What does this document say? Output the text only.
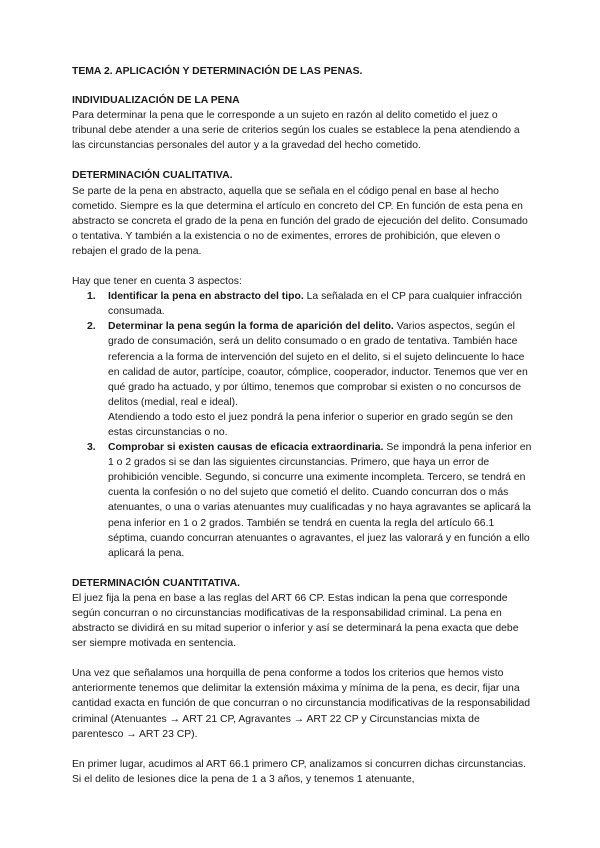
TEMA 2. APLICACIÓN Y DETERMINACIÓN DE LAS PENAS.

INDIVIDUALIZACIÓN DE LA PENA

Para determinar la pena que le corresponde a un sujeto en razón al delito cometido el juez o tribunal debe atender a una serie de criterios según los cuales se establece la pena atendiendo a las circunstancias personales del autor y a la gravedad del hecho cometido.

DETERMINACIÓN CUALITATIVA.

Se parte de la pena en abstracto, aquella que se señala en el código penal en base al hecho cometido. Siempre es la que determina el artículo en concreto del CP. En función de esta pena en abstracto se concreta el grado de la pena en función del grado de ejecución del delito. Consumado o tentativa. Y también a la existencia o no de eximentes, errores de prohibición, que eleven o rebajen el grado de la pena.

Hay que tener en cuenta 3 aspectos:

1. Identificar la pena en abstracto del tipo. La señalada en el CP para cualquier infracción consumada.
2. Determinar la pena según la forma de aparición del delito. Varios aspectos, según el grado de consumación, será un delito consumado o en grado de tentativa. También hace referencia a la forma de intervención del sujeto en el delito, si el sujeto delincuente lo hace en calidad de autor, partícipe, coautor, cómplice, cooperador, inductor. Tenemos que ver en qué grado ha actuado, y por último, tenemos que comprobar si existen o no concursos de delitos (medial, real e ideal).

Atendiendo a todo esto el juez pondrá la pena inferior o superior en grado según se den estas circunstancias o no.

3. Comprobar si existen causas de eficacia extraordinaria. Se impondrá la pena inferior en 1 o 2 grados si se dan las siguientes circunstancias. Primero, que haya un error de prohibición vencible. Segundo, si concurre una eximente incompleta. Tercero, se tendrá en cuenta la confesión o no del sujeto que cometió el delito. Cuando concurran dos o más atenuantes, o una o varias atenuantes muy cualificadas y no haya agravantes se aplicará la pena inferior en 1 o 2 grados. También se tendrá en cuenta la regla del artículo 66.1 séptima, cuando concurran atenuantes o agravantes, el juez las valorará y en función a ello aplicará la pena.

DETERMINACIÓN CUANTITATIVA.

El juez fija la pena en base a las reglas del ART 66 CP. Estas indican la pena que corresponde según concurran o no circunstancias modificativas de la responsabilidad criminal. La pena en abstracto se dividirá en su mitad superior o inferior y así se determinará la pena exacta que debe ser siempre motivada en sentencia.

Una vez que señalamos una horquilla de pena conforme a todos los criterios que hemos visto anteriormente tenemos que delimitar la extensión máxima y mínima de la pena, es decir, fijar una cantidad exacta en función de que concurran o no circunstancia modificativas de la responsabilidad criminal (Atenuantes → ART 21 CP, Agravantes → ART 22 CP y Circunstancias mixta de parentesco → ART 23 CP).

En primer lugar, acudimos al ART 66.1 primero CP, analizamos si concurren dichas circunstancias. Si el delito de lesiones dice la pena de 1 a 3 años, y tenemos 1 atenuante,
